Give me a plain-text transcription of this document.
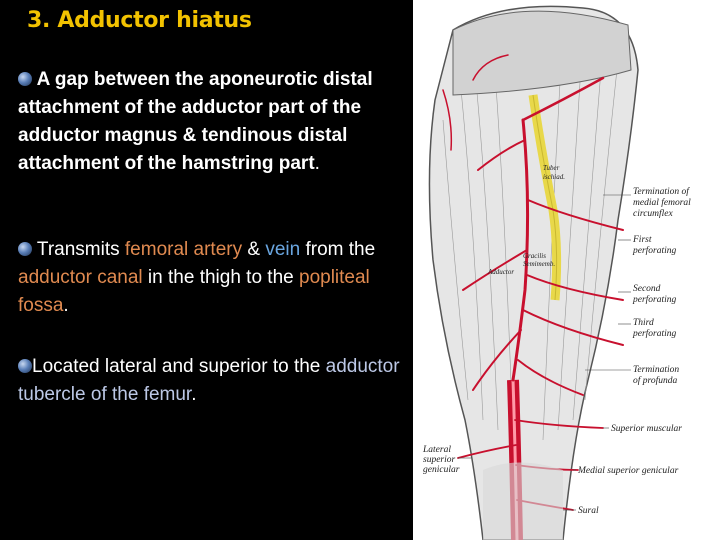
3. Adductor hiatus
A gap between the aponeurotic distal attachment of the adductor part of the adductor magnus & tendinous distal attachment of the hamstring part.
Transmits femoral artery & vein from the adductor canal in the thigh to the popliteal fossa.
Located lateral and superior to the adductor tubercle of the femur.
Tuber
ischiad.
Gracilis
Semimemb.
Adductor
Termination of
medial femoral
circumflex
First
perforating
Second
perforating
Third
perforating
Termination
of profunda
Superior muscular
Medial superior genicular
Sural
Lateral
superior
genicular
